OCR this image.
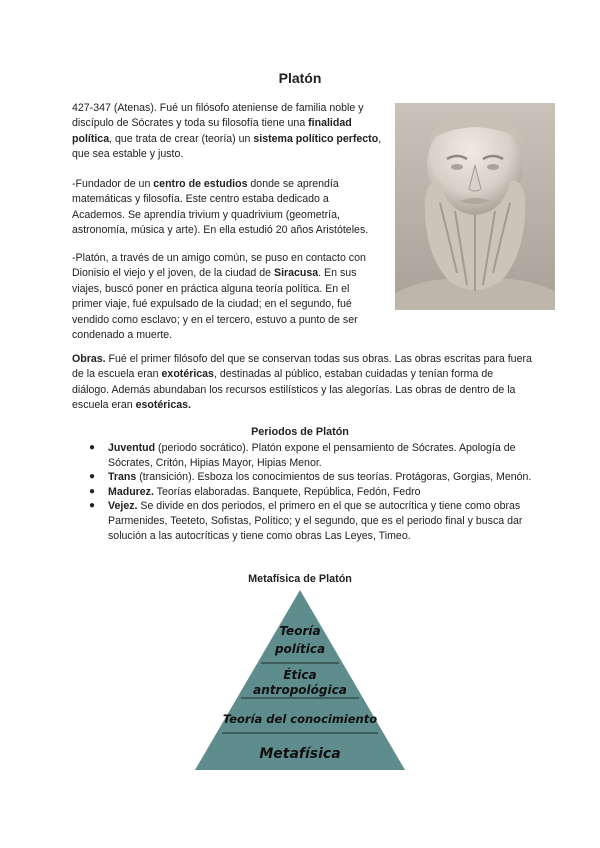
Platón

427-347 (Atenas). Fué un filósofo ateniense de familia noble y discípulo de Sócrates y toda su filosofía tiene una finalidad política, que trata de crear (teoría) un sistema político perfecto, que sea estable y justo.

-Fundador de un centro de estudios donde se aprendía matemáticas y filosofía. Este centro estaba dedicado a Academos. Se aprendía trivium y quadrivium (geometría, astronomía, música y arte). En ella estudió 20 años Aristóteles.

-Platón, a través de un amigo común, se puso en contacto con Dionisio el viejo y el joven, de la ciudad de Siracusa. En sus viajes, buscó poner en práctica alguna teoría política. En el primer viaje, fué expulsado de la ciudad; en el segundo, fué vendido como esclavo; y en el tercero, estuvo a punto de ser condenado a muerte.

Obras. Fué el primer filósofo del que se conservan todas sus obras. Las obras escritas para fuera de la escuela eran exotéricas, destinadas al público, estaban cuidadas y tenían forma de diálogo. Además abundaban los recursos estilísticos y las alegorías. Las obras de dentro de la escuela eran esotéricas.

Periodos de Platón
● Juventud (periodo socrático). Platón expone el pensamiento de Sócrates. Apología de Sócrates, Critón, Hipias Mayor, Hipias Menor.
● Trans (transición). Esboza los conocimientos de sus teorías. Protágoras, Gorgias, Menón.
● Madurez. Teorías elaboradas. Banquete, República, Fedón, Fedro
● Vejez. Se divide en dos periodos, el primero en el que se autocrítica y tiene como obras Parmenides, Teeteto, Sofistas, Político; y el segundo, que es el periodo final y busca dar solución a las autocríticas y tiene como obras Las Leyes, Timeo.
Metafísica de Platón
Teoría
política
Ética
antropológica
Teoría del conocimiento
Metafísica
